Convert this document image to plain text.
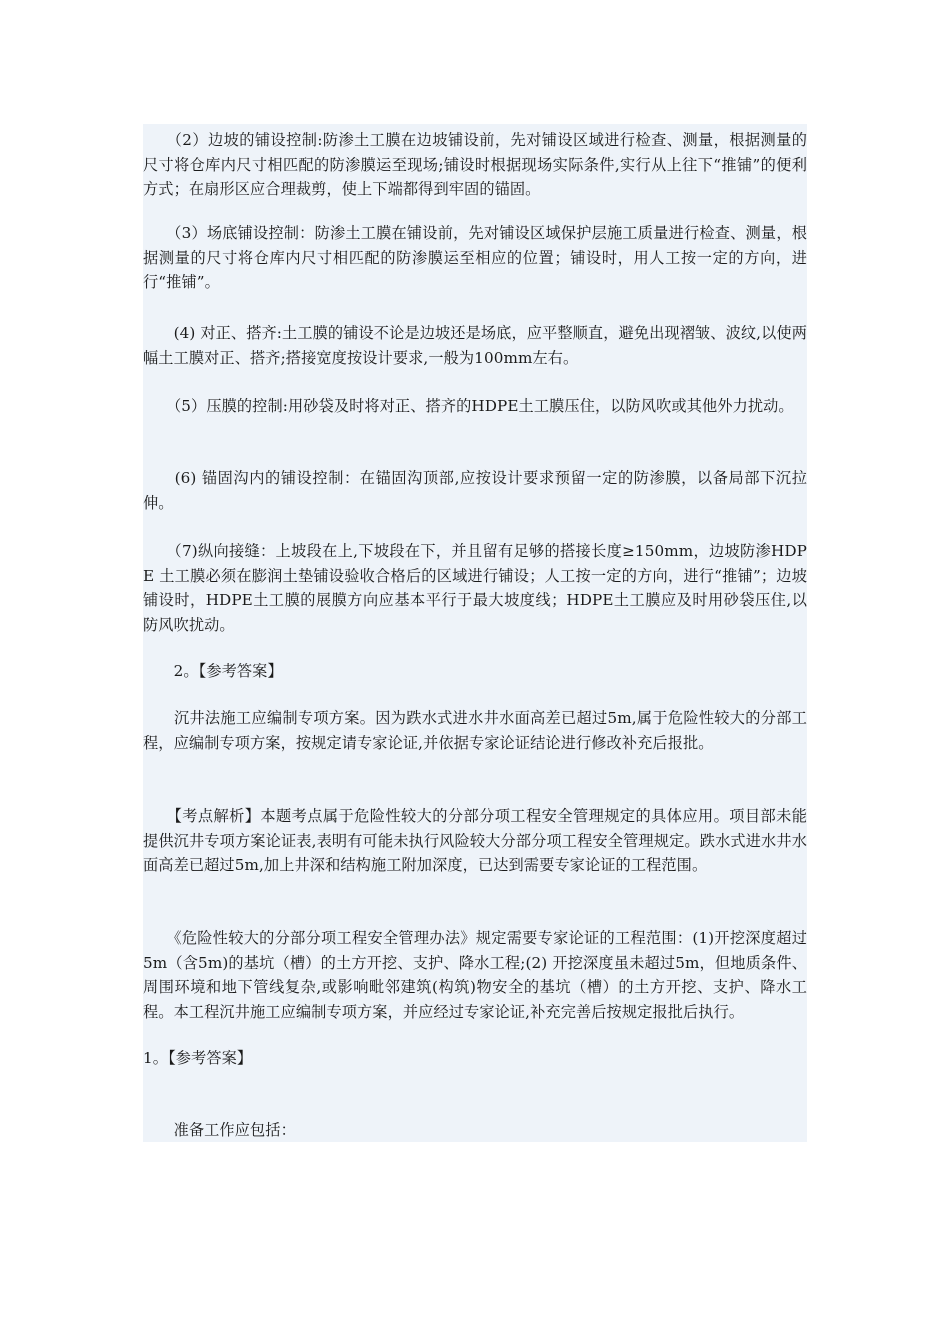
　　（2）边坡的铺设控制:防渗土工膜在边坡铺设前，先对铺设区域进行检查、测量，根据测量的尺寸将仓库内尺寸相匹配的防渗膜运至现场;铺设时根据现场实际条件,实行从上往下“推铺”的便利方式；在扇形区应合理裁剪，使上下端都得到牢固的锚固。

　　（3）场底铺设控制：防渗土工膜在铺设前，先对铺设区域保护层施工质量进行检查、测量，根据测量的尺寸将仓库内尺寸相匹配的防渗膜运至相应的位置；铺设时，用人工按一定的方向，进行“推铺”。

　　(4) 对正、搭齐:土工膜的铺设不论是边坡还是场底，应平整顺直，避免出现褶皱、波纹,以使两幅土工膜对正、搭齐;搭接宽度按设计要求,一般为100mm左右。

　　（5）压膜的控制:用砂袋及时将对正、搭齐的HDPE土工膜压住，以防风吹或其他外力扰动。

　　(6) 锚固沟内的铺设控制：在锚固沟顶部,应按设计要求预留一定的防渗膜，以备局部下沉拉伸。

　　（7)纵向接缝：上坡段在上,下坡段在下，并且留有足够的搭接长度≥150mm，边坡防渗HDPE 土工膜必须在膨润土垫铺设验收合格后的区域进行铺设；人工按一定的方向，进行“推铺”；边坡铺设时，HDPE土工膜的展膜方向应基本平行于最大坡度线；HDPE土工膜应及时用砂袋压住,以防风吹扰动。

　　2。【参考答案】

　　沉井法施工应编制专项方案。因为跌水式进水井水面高差已超过5m,属于危险性较大的分部工程，应编制专项方案，按规定请专家论证,并依据专家论证结论进行修改补充后报批。

　　【考点解析】本题考点属于危险性较大的分部分项工程安全管理规定的具体应用。项目部未能提供沉井专项方案论证表,表明有可能未执行风险较大分部分项工程安全管理规定。跌水式进水井水面高差已超过5m,加上井深和结构施工附加深度，已达到需要专家论证的工程范围。

　　《危险性较大的分部分项工程安全管理办法》规定需要专家论证的工程范围：(1)开挖深度超过5m（含5m)的基坑（槽）的土方开挖、支护、降水工程;(2) 开挖深度虽未超过5m，但地质条件、周围环境和地下管线复杂,或影响毗邻建筑(构筑)物安全的基坑（槽）的土方开挖、支护、降水工程。本工程沉井施工应编制专项方案，并应经过专家论证,补充完善后按规定报批后执行。

1。【参考答案】

　　准备工作应包括：
